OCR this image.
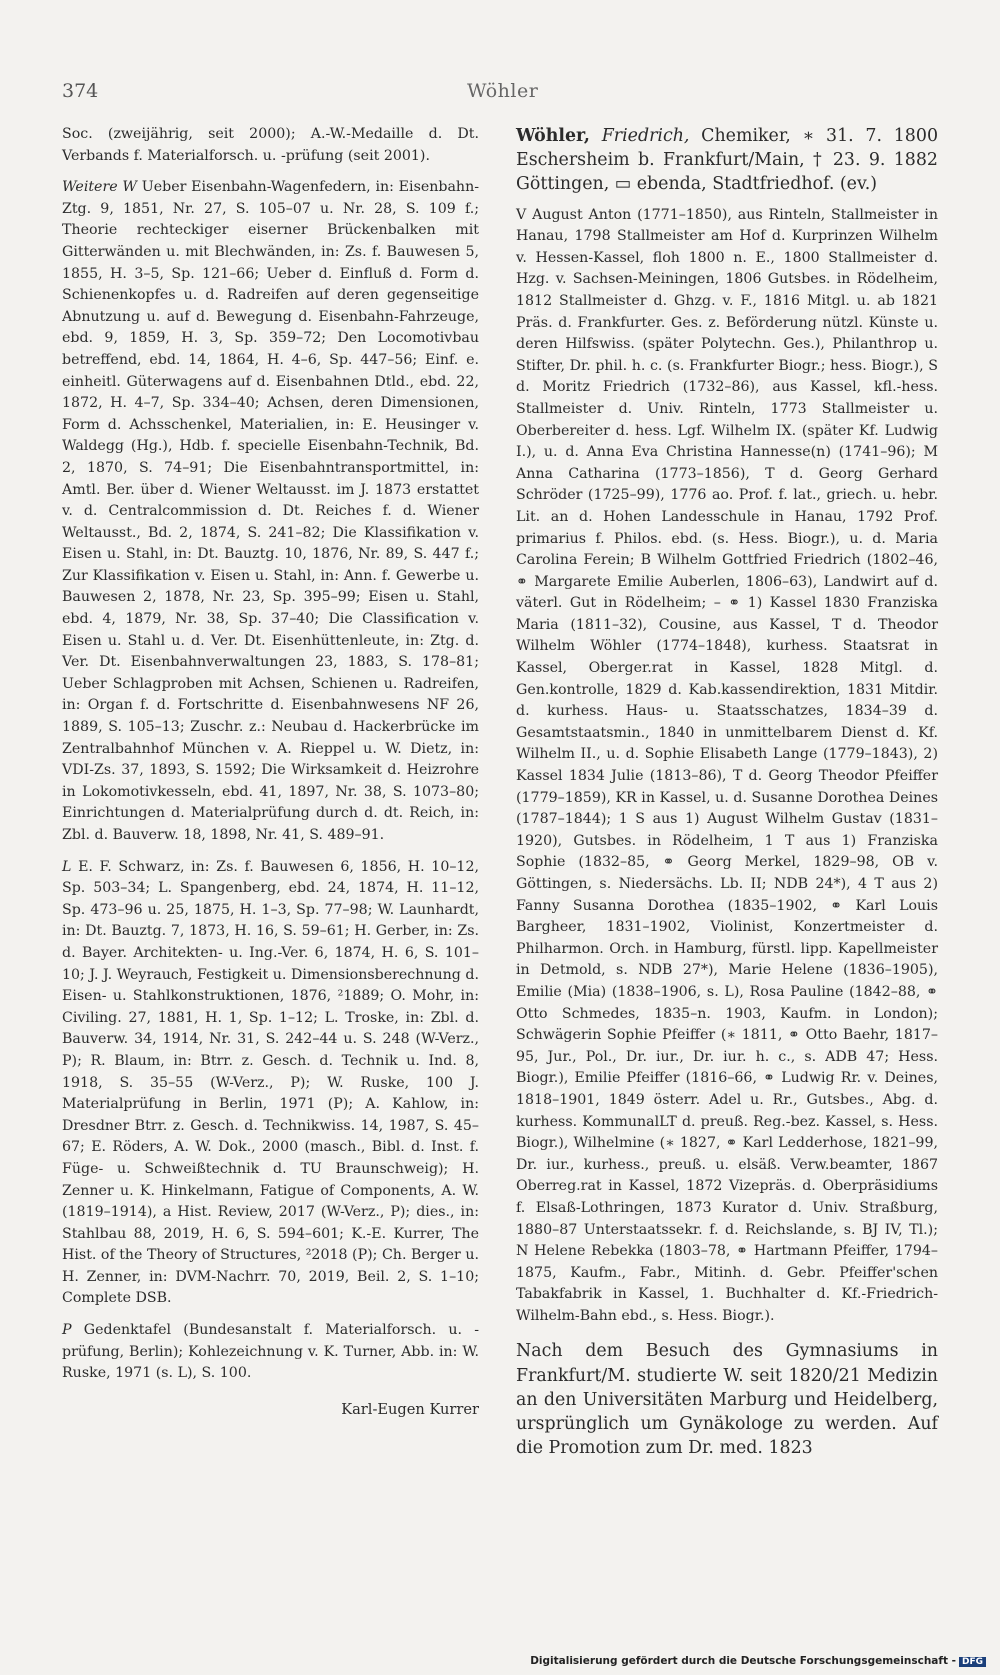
374	Wöhler

Soc. (zweijährig, seit 2000); A.-W.-Medaille d. Dt. Verbands f. Materialforsch. u. -prüfung (seit 2001).

Weitere W Ueber Eisenbahn-Wagenfedern, in: Eisenbahn-Ztg. 9, 1851, Nr. 27, S. 105–07 u. Nr. 28, S. 109 f.; Theorie rechteckiger eiserner Brückenbalken mit Gitterwänden u. mit Blechwänden, in: Zs. f. Bauwesen 5, 1855, H. 3–5, Sp. 121–66; Ueber d. Einfluß d. Form d. Schienenkopfes u. d. Radreifen auf deren gegenseitige Abnutzung u. auf d. Bewegung d. Eisenbahn-Fahrzeuge, ebd. 9, 1859, H. 3, Sp. 359–72; Den Locomotivbau betreffend, ebd. 14, 1864, H. 4–6, Sp. 447–56; Einf. e. einheitl. Güterwagens auf d. Eisenbahnen Dtld., ebd. 22, 1872, H. 4–7, Sp. 334–40; Achsen, deren Dimensionen, Form d. Achsschenkel, Materialien, in: E. Heusinger v. Waldegg (Hg.), Hdb. f. specielle Eisenbahn-Technik, Bd. 2, 1870, S. 74–91; Die Eisenbahntransportmittel, in: Amtl. Ber. über d. Wiener Weltausst. im J. 1873 erstattet v. d. Centralcommission d. Dt. Reiches f. d. Wiener Weltausst., Bd. 2, 1874, S. 241–82; Die Klassifikation v. Eisen u. Stahl, in: Dt. Bauztg. 10, 1876, Nr. 89, S. 447 f.; Zur Klassifikation v. Eisen u. Stahl, in: Ann. f. Gewerbe u. Bauwesen 2, 1878, Nr. 23, Sp. 395–99; Eisen u. Stahl, ebd. 4, 1879, Nr. 38, Sp. 37–40; Die Classification v. Eisen u. Stahl u. d. Ver. Dt. Eisenhüttenleute, in: Ztg. d. Ver. Dt. Eisenbahnverwaltungen 23, 1883, S. 178–81; Ueber Schlagproben mit Achsen, Schienen u. Radreifen, in: Organ f. d. Fortschritte d. Eisenbahnwesens NF 26, 1889, S. 105–13; Zuschr. z.: Neubau d. Hackerbrücke im Zentralbahnhof München v. A. Rieppel u. W. Dietz, in: VDI-Zs. 37, 1893, S. 1592; Die Wirksamkeit d. Heizrohre in Lokomotivkesseln, ebd. 41, 1897, Nr. 38, S. 1073–80; Einrichtungen d. Materialprüfung durch d. dt. Reich, in: Zbl. d. Bauverw. 18, 1898, Nr. 41, S. 489–91.

L E. F. Schwarz, in: Zs. f. Bauwesen 6, 1856, H. 10–12, Sp. 503–34; L. Spangenberg, ebd. 24, 1874, H. 11–12, Sp. 473–96 u. 25, 1875, H. 1–3, Sp. 77–98; W. Launhardt, in: Dt. Bauztg. 7, 1873, H. 16, S. 59–61; H. Gerber, in: Zs. d. Bayer. Architekten- u. Ing.-Ver. 6, 1874, H. 6, S. 101–10; J. J. Weyrauch, Festigkeit u. Dimensionsberechnung d. Eisen- u. Stahlkonstruktionen, 1876, ²1889; O. Mohr, in: Civiling. 27, 1881, H. 1, Sp. 1–12; L. Troske, in: Zbl. d. Bauverw. 34, 1914, Nr. 31, S. 242–44 u. S. 248 (W-Verz., P); R. Blaum, in: Btrr. z. Gesch. d. Technik u. Ind. 8, 1918, S. 35–55 (W-Verz., P); W. Ruske, 100 J. Materialprüfung in Berlin, 1971 (P); A. Kahlow, in: Dresdner Btrr. z. Gesch. d. Technikwiss. 14, 1987, S. 45–67; E. Röders, A. W. Dok., 2000 (masch., Bibl. d. Inst. f. Füge- u. Schweißtechnik d. TU Braunschweig); H. Zenner u. K. Hinkelmann, Fatigue of Components, A. W. (1819–1914), a Hist. Review, 2017 (W-Verz., P); dies., in: Stahlbau 88, 2019, H. 6, S. 594–601; K.-E. Kurrer, The Hist. of the Theory of Structures, ²2018 (P); Ch. Berger u. H. Zenner, in: DVM-Nachrr. 70, 2019, Beil. 2, S. 1–10; Complete DSB.

P Gedenktafel (Bundesanstalt f. Materialforsch. u. -prüfung, Berlin); Kohlezeichnung v. K. Turner, Abb. in: W. Ruske, 1971 (s. L), S. 100.

Karl-Eugen Kurrer

Wöhler, Friedrich, Chemiker, ∗ 31. 7. 1800 Eschersheim b. Frankfurt/Main, † 23. 9. 1882 Göttingen, ▭ ebenda, Stadtfriedhof. (ev.)

V August Anton (1771–1850), aus Rinteln, Stallmeister in Hanau, 1798 Stallmeister am Hof d. Kurprinzen Wilhelm v. Hessen-Kassel, floh 1800 n. E., 1800 Stallmeister d. Hzg. v. Sachsen-Meiningen, 1806 Gutsbes. in Rödelheim, 1812 Stallmeister d. Ghzg. v. F., 1816 Mitgl. u. ab 1821 Präs. d. Frankfurter. Ges. z. Beförderung nützl. Künste u. deren Hilfswiss. (später Polytechn. Ges.), Philanthrop u. Stifter, Dr. phil. h. c. (s. Frankfurter Biogr.; hess. Biogr.), S d. Moritz Friedrich (1732–86), aus Kassel, kfl.-hess. Stallmeister d. Univ. Rinteln, 1773 Stallmeister u. Oberbereiter d. hess. Lgf. Wilhelm IX. (später Kf. Ludwig I.), u. d. Anna Eva Christina Hannesse(n) (1741–96); M Anna Catharina (1773–1856), T d. Georg Gerhard Schröder (1725–99), 1776 ao. Prof. f. lat., griech. u. hebr. Lit. an d. Hohen Landesschule in Hanau, 1792 Prof. primarius f. Philos. ebd. (s. Hess. Biogr.), u. d. Maria Carolina Ferein; B Wilhelm Gottfried Friedrich (1802–46, ⚭ Margarete Emilie Auberlen, 1806–63), Landwirt auf d. väterl. Gut in Rödelheim; – ⚭ 1) Kassel 1830 Franziska Maria (1811–32), Cousine, aus Kassel, T d. Theodor Wilhelm Wöhler (1774–1848), kurhess. Staatsrat in Kassel, Oberger.rat in Kassel, 1828 Mitgl. d. Gen.kontrolle, 1829 d. Kab.kassendirektion, 1831 Mitdir. d. kurhess. Haus- u. Staatsschatzes, 1834–39 d. Gesamtstaatsmin., 1840 in unmittelbarem Dienst d. Kf. Wilhelm II., u. d. Sophie Elisabeth Lange (1779–1843), 2) Kassel 1834 Julie (1813–86), T d. Georg Theodor Pfeiffer (1779–1859), KR in Kassel, u. d. Susanne Dorothea Deines (1787–1844); 1 S aus 1) August Wilhelm Gustav (1831–1920), Gutsbes. in Rödelheim, 1 T aus 1) Franziska Sophie (1832–85, ⚭ Georg Merkel, 1829–98, OB v. Göttingen, s. Niedersächs. Lb. II; NDB 24*), 4 T aus 2) Fanny Susanna Dorothea (1835–1902, ⚭ Karl Louis Bargheer, 1831–1902, Violinist, Konzertmeister d. Philharmon. Orch. in Hamburg, fürstl. lipp. Kapellmeister in Detmold, s. NDB 27*), Marie Helene (1836–1905), Emilie (Mia) (1838–1906, s. L), Rosa Pauline (1842–88, ⚭ Otto Schmedes, 1835–n. 1903, Kaufm. in London); Schwägerin Sophie Pfeiffer (∗ 1811, ⚭ Otto Baehr, 1817–95, Jur., Pol., Dr. iur., Dr. iur. h. c., s. ADB 47; Hess. Biogr.), Emilie Pfeiffer (1816–66, ⚭ Ludwig Rr. v. Deines, 1818–1901, 1849 österr. Adel u. Rr., Gutsbes., Abg. d. kurhess. KommunalLT d. preuß. Reg.-bez. Kassel, s. Hess. Biogr.), Wilhelmine (∗ 1827, ⚭ Karl Ledderhose, 1821–99, Dr. iur., kurhess., preuß. u. elsäß. Verw.beamter, 1867 Oberreg.rat in Kassel, 1872 Vizepräs. d. Oberpräsidiums f. Elsaß-Lothringen, 1873 Kurator d. Univ. Straßburg, 1880–87 Unterstaatssekr. f. d. Reichslande, s. BJ IV, Tl.); N Helene Rebekka (1803–78, ⚭ Hartmann Pfeiffer, 1794–1875, Kaufm., Fabr., Mitinh. d. Gebr. Pfeiffer'schen Tabakfabrik in Kassel, 1. Buchhalter d. Kf.-Friedrich-Wilhelm-Bahn ebd., s. Hess. Biogr.).

Nach dem Besuch des Gymnasiums in Frankfurt/M. studierte W. seit 1820/21 Medizin an den Universitäten Marburg und Heidelberg, ursprünglich um Gynäkologe zu werden. Auf die Promotion zum Dr. med. 1823

Digitalisierung gefördert durch die Deutsche Forschungsgemeinschaft - DFG
